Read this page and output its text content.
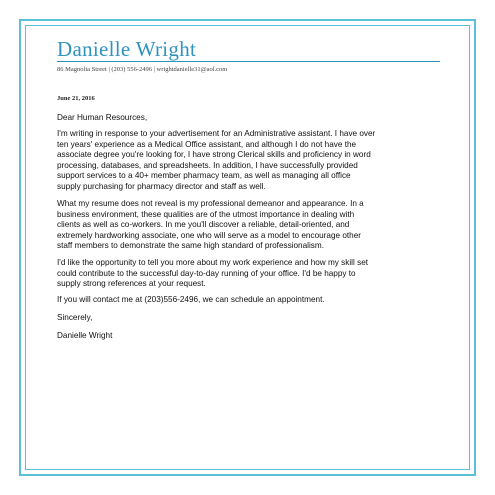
Danielle Wright
86 Magnolia Street | (203) 556-2496 | wrightdanielle31@aol.com
June 21, 2016
Dear Human Resources,
I'm writing in response to your advertisement for an Administrative assistant. I have over
ten years' experience as a Medical Office assistant, and although I do not have the
associate degree you're looking for, I have strong Clerical skills and proficiency in word
processing, databases, and spreadsheets. In addition, I have successfully provided
support services to a 40+ member pharmacy team, as well as managing all office
supply purchasing for pharmacy director and staff as well.
What my resume does not reveal is my professional demeanor and appearance. In a
business environment, these qualities are of the utmost importance in dealing with
clients as well as co-workers. In me you'll discover a reliable, detail-oriented, and
extremely hardworking associate, one who will serve as a model to encourage other
staff members to demonstrate the same high standard of professionalism.
I'd like the opportunity to tell you more about my work experience and how my skill set
could contribute to the successful day-to-day running of your office. I'd be happy to
supply strong references at your request.
If you will contact me at (203)556-2496, we can schedule an appointment.
Sincerely,
Danielle Wright
